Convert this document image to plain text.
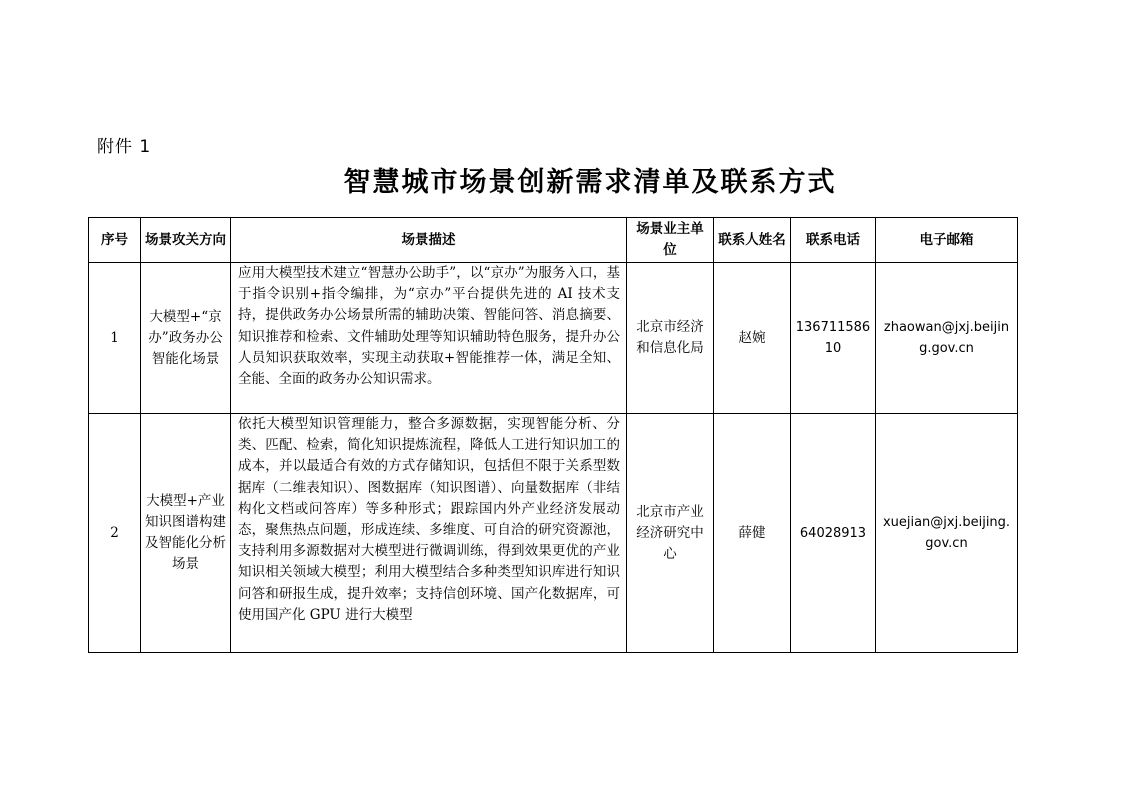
附件 1
智慧城市场景创新需求清单及联系方式
序号	场景攻关方向	场景描述	场景业主单位	联系人姓名	联系电话	电子邮箱
1	大模型+“京办”政务办公智能化场景	应用大模型技术建立“智慧办公助手”，以“京办”为服务入口，基于指令识别+指令编排，为“京办”平台提供先进的 AI 技术支持，提供政务办公场景所需的辅助决策、智能问答、消息摘要、知识推荐和检索、文件辅助处理等知识辅助特色服务，提升办公人员知识获取效率，实现主动获取+智能推荐一体，满足全知、全能、全面的政务办公知识需求。	北京市经济和信息化局	赵婉	13671158610	zhaowan@jxj.beijing.gov.cn

2	大模型+产业知识图谱构建及智能化分析场景	依托大模型知识管理能力，整合多源数据，实现智能分析、分类、匹配、检索，简化知识提炼流程，降低人工进行知识加工的成本，并以最适合有效的方式存储知识，包括但不限于关系型数据库（二维表知识）、图数据库（知识图谱）、向量数据库（非结构化文档或问答库）等多种形式；跟踪国内外产业经济发展动态，聚焦热点问题，形成连续、多维度、可自洽的研究资源池，支持利用多源数据对大模型进行微调训练，得到效果更优的产业知识相关领域大模型；利用大模型结合多种类型知识库进行知识问答和研报生成，提升效率；支持信创环境、国产化数据库，可使用国产化 GPU 进行大模型	北京市产业经济研究中心	薛健	64028913	xuejian@jxj.beijing.gov.cn
